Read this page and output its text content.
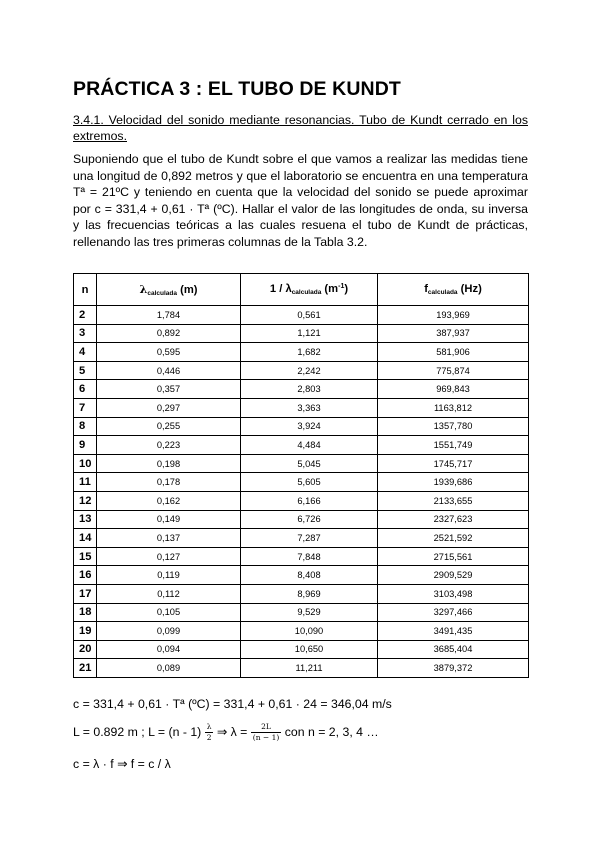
PRÁCTICA 3 : EL TUBO DE KUNDT
3.4.1. Velocidad del sonido mediante resonancias. Tubo de Kundt cerrado en los extremos.
Suponiendo que el tubo de Kundt sobre el que vamos a realizar las medidas tiene una longitud de 0,892 metros y que el laboratorio se encuentra en una temperatura Tª = 21ºC y teniendo en cuenta que la velocidad del sonido se puede aproximar por c = 331,4 + 0,61 · Tª (ºC). Hallar el valor de las longitudes de onda, su inversa y las frecuencias teóricas a las cuales resuena el tubo de Kundt de prácticas, rellenando las tres primeras columnas de la Tabla 3.2.
n	$\lambda_{calculada}$ (m)	$1 / \lambda_{calculada}$ $(m^{-1})$	$f_{calculada}$ (Hz)
2	1,784	0,561	193,969
3	0,892	1,121	387,937
4	0,595	1,682	581,906
5	0,446	2,242	775,874
6	0,357	2,803	969,843
7	0,297	3,363	1163,812
8	0,255	3,924	1357,780
9	0,223	4,484	1551,749
10	0,198	5,045	1745,717
11	0,178	5,605	1939,686
12	0,162	6,166	2133,655
13	0,149	6,726	2327,623
14	0,137	7,287	2521,592
15	0,127	7,848	2715,561
16	0,119	8,408	2909,529
17	0,112	8,969	3103,498
18	0,105	9,529	3297,466
19	0,099	10,090	3491,435
20	0,094	10,650	3685,404
21	0,089	11,211	3879,372
c = 331,4 + 0,61 · Tª (ºC) = 331,4 + 0,61 · 24 = 346,04 m/s
L = 0.892 m ; $L = (n - 1) \frac{\lambda}{2}$ ⇒ $\lambda = \frac{2L}{(n - 1)}$ con n = 2, 3, 4 …
c = λ · f ⇒ f = c / λ
